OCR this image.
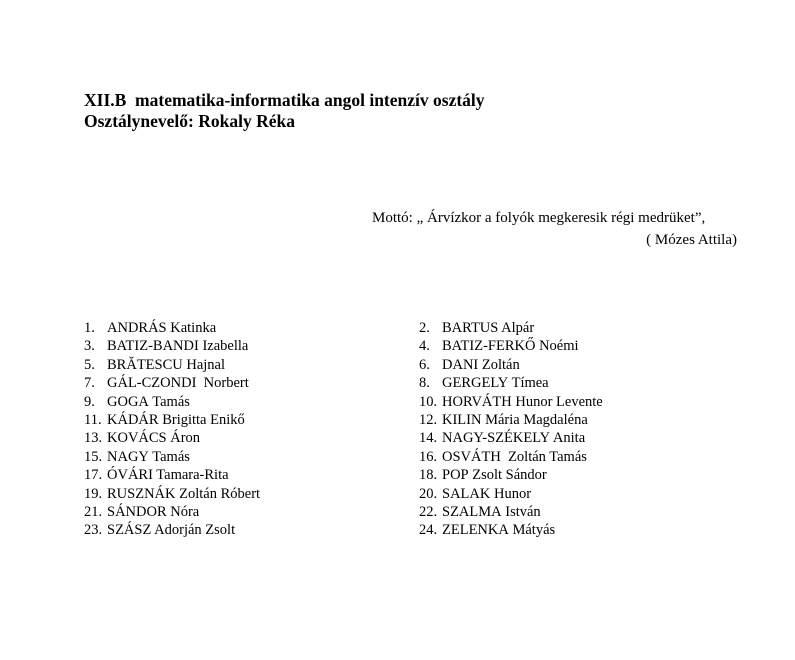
XII.B  matematika-informatika angol intenzív osztály
Osztálynevelő: Rokaly Réka
Mottó: „ Árvízkor a folyók megkeresik régi medrüket”,
( Mózes Attila)
1. ANDRÁS Katinka
3. BATIZ-BANDI Izabella
5. BRĂTESCU Hajnal
7. GÁL-CZONDI Norbert
9. GOGA Tamás
11. KÁDÁR Brigitta Enikő
13. KOVÁCS Áron
15. NAGY Tamás
17. ÓVÁRI Tamara-Rita
19. RUSZNÁK Zoltán Róbert
21. SÁNDOR Nóra
23. SZÁSZ Adorján Zsolt
2. BARTUS Alpár
4. BATIZ-FERKŐ Noémi
6. DANI Zoltán
8. GERGELY Tímea
10. HORVÁTH Hunor Levente
12. KILIN Mária Magdaléna
14. NAGY-SZÉKELY Anita
16. OSVÁTH Zoltán Tamás
18. POP Zsolt Sándor
20. SALAK Hunor
22. SZALMA István
24. ZELENKA Mátyás
